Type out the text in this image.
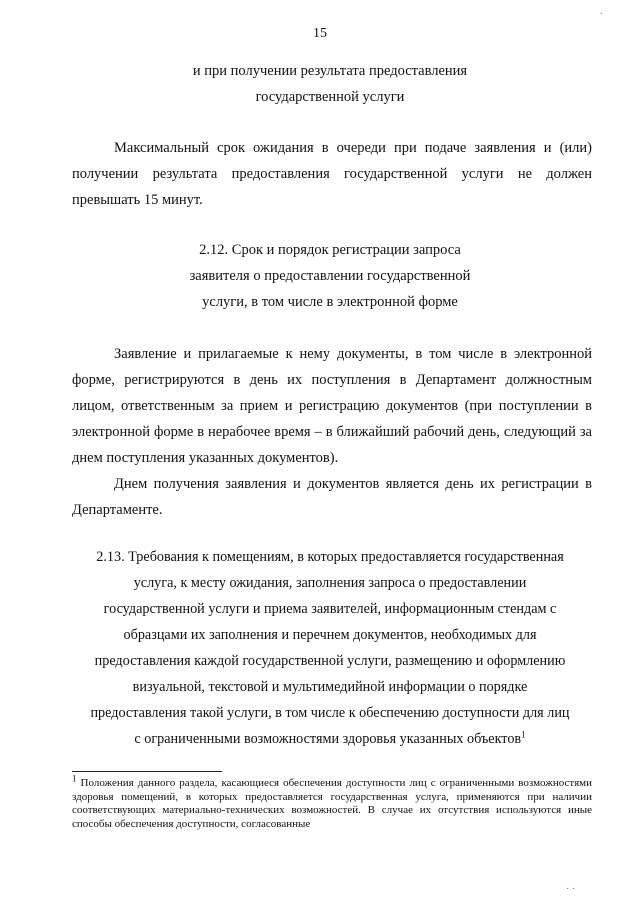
15
и при получении результата предоставления
государственной услуги

Максимальный срок ожидания в очереди при подаче заявления и (или) получении результата предоставления государственной услуги не должен превышать 15 минут.

2.12. Срок и порядок регистрации запроса
заявителя о предоставлении государственной
услуги, в том числе в электронной форме

Заявление и прилагаемые к нему документы, в том числе в электронной форме, регистрируются в день их поступления в Департамент должностным лицом, ответственным за прием и регистрацию документов (при поступлении в электронной форме в нерабочее время – в ближайший рабочий день, следующий за днем поступления указанных документов).

Днем получения заявления и документов является день их регистрации в Департаменте.

2.13. Требования к помещениям, в которых предоставляется государственная
услуга, к месту ожидания, заполнения запроса о предоставлении
государственной услуги и приема заявителей, информационным стендам с
образцами их заполнения и перечнем документов, необходимых для
предоставления каждой государственной услуги, размещению и оформлению
визуальной, текстовой и мультимедийной информации о порядке
предоставления такой услуги, в том числе к обеспечению доступности для лиц
с ограниченными возможностями здоровья указанных объектов$^1$
$^1$ Положения данного раздела, касающиеся обеспечения доступности лиц с ограниченными возможностями здоровья помещений, в которых предоставляется государственная услуга, применяются при наличии соответствующих материально-технических возможностей. В случае их отсутствия используются иные способы обеспечения доступности, согласованные
.
· ·
